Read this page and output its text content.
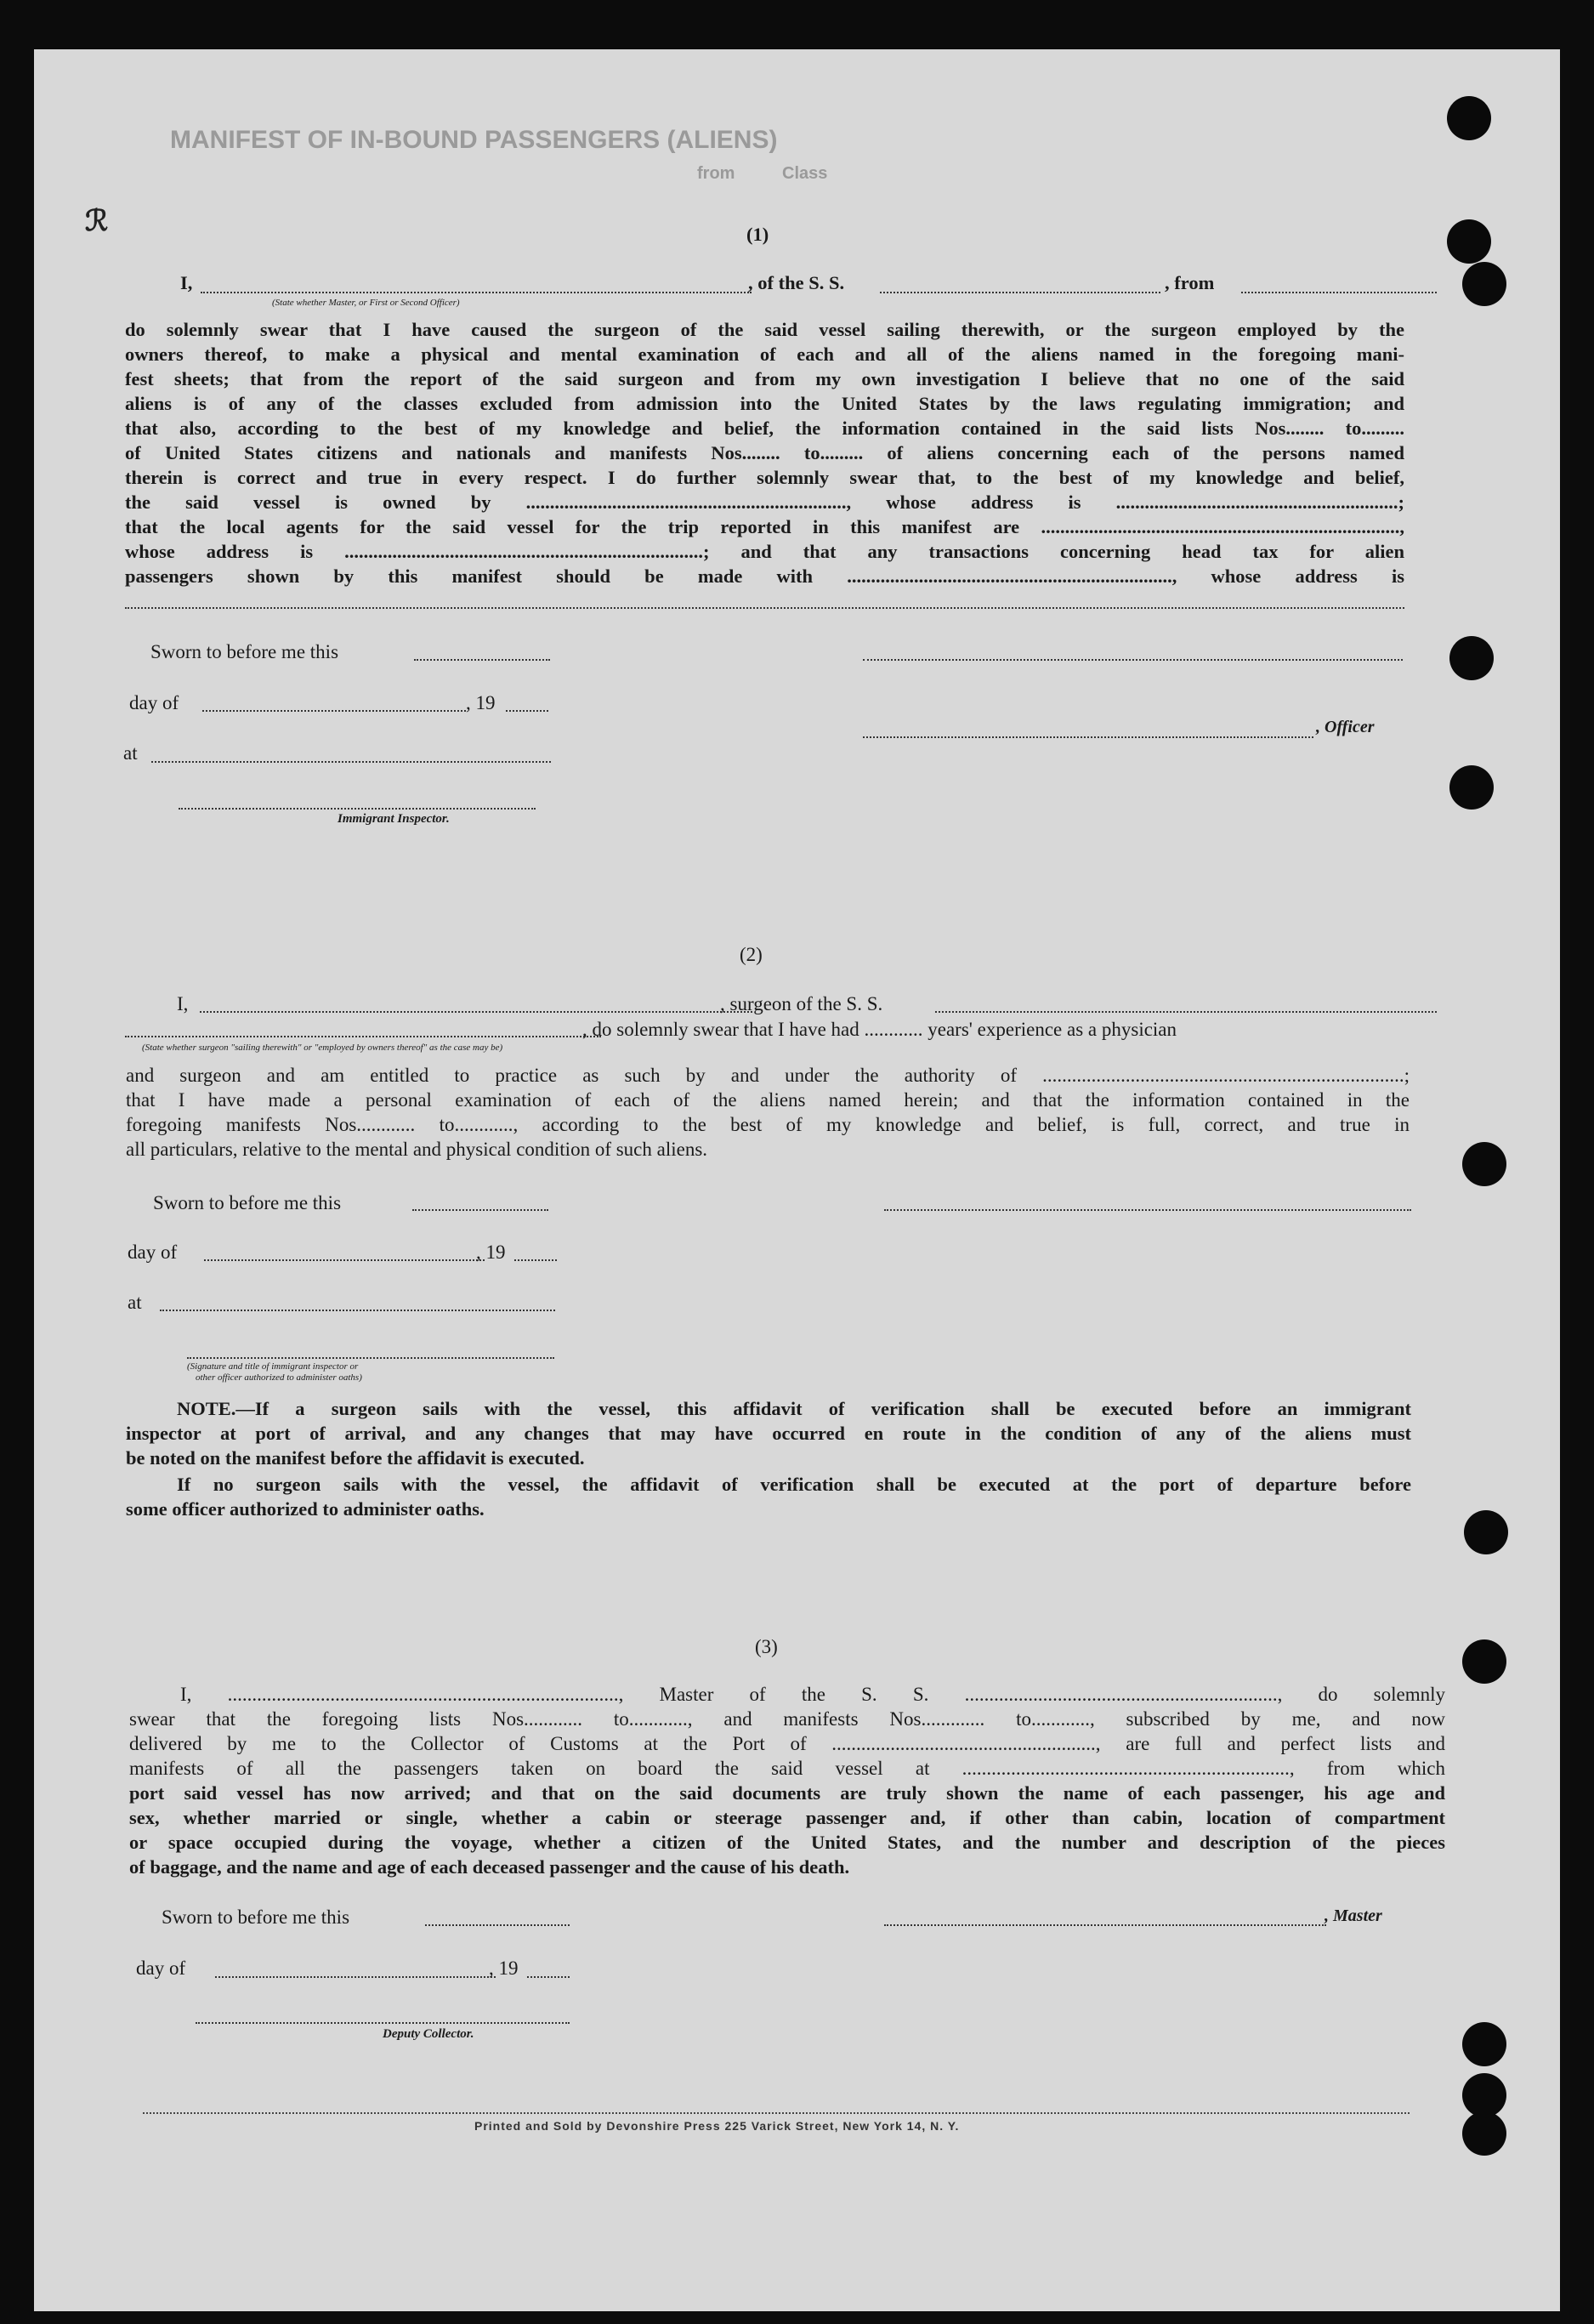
MANIFEST OF IN-BOUND PASSENGERS (ALIENS)
Class
from
ℛ	(1)
I,	, of the S. S.	, from
(State whether Master, or First or Second Officer)
do solemnly swear that I have caused the surgeon of the said vessel sailing therewith, or the surgeon employed by the
owners thereof, to make a physical and mental examination of each and all of the aliens named in the foregoing mani-
fest sheets; that from the report of the said surgeon and from my own investigation I believe that no one of the said
aliens is of any of the classes excluded from admission into the United States by the laws regulating immigration; and
that also, according to the best of my knowledge and belief, the information contained in the said lists Nos........ to.........
of United States citizens and nationals and manifests Nos........ to......... of aliens concerning each of the persons named
therein is correct and true in every respect. I do further solemnly swear that, to the best of my knowledge and belief,
the said vessel is owned by ..................................................................., whose address is ...........................................................;
that the local agents for the said vessel for the trip reported in this manifest are ...........................................................................,
whose address is ...........................................................................; and that any transactions concerning head tax for alien
passengers shown by this manifest should be made with ...................................................................., whose address is
Sworn to before me this
day of	, 19
at
, Officer
Immigrant Inspector.
(2)
I,	, surgeon of the S. S.
, do solemnly swear that I have had ............ years' experience as a physician
(State whether surgeon "sailing therewith" or "employed by owners thereof" as the case may be)
and surgeon and am entitled to practice as such by and under the authority of ..........................................................................;
that I have made a personal examination of each of the aliens named herein; and that the information contained in the
foregoing manifests Nos............ to............, according to the best of my knowledge and belief, is full, correct, and true in
all particulars, relative to the mental and physical condition of such aliens.
Sworn to before me this
day of	, 19
at
(Signature and title of immigrant inspector or
other officer authorized to administer oaths)
NOTE.—If a surgeon sails with the vessel, this affidavit of verification shall be executed before an immigrant
inspector at port of arrival, and any changes that may have occurred en route in the condition of any of the aliens must
be noted on the manifest before the affidavit is executed.
If no surgeon sails with the vessel, the affidavit of verification shall be executed at the port of departure before
some officer authorized to administer oaths.
(3)
I, ................................................................................, Master of the S. S. ................................................................, do solemnly
swear that the foregoing lists Nos............ to............, and manifests Nos............. to............, subscribed by me, and now
delivered by me to the Collector of Customs at the Port of ......................................................, are full and perfect lists and
manifests of all the passengers taken on board the said vessel at ..................................................................., from which
port said vessel has now arrived; and that on the said documents are truly shown the name of each passenger, his age and
sex, whether married or single, whether a cabin or steerage passenger and, if other than cabin, location of compartment
or space occupied during the voyage, whether a citizen of the United States, and the number and description of the pieces
of baggage, and the name and age of each deceased passenger and the cause of his death.
Sworn to before me this	, Master
day of	, 19
Deputy Collector.
Printed and Sold by Devonshire Press 225 Varick Street, New York 14, N. Y.
